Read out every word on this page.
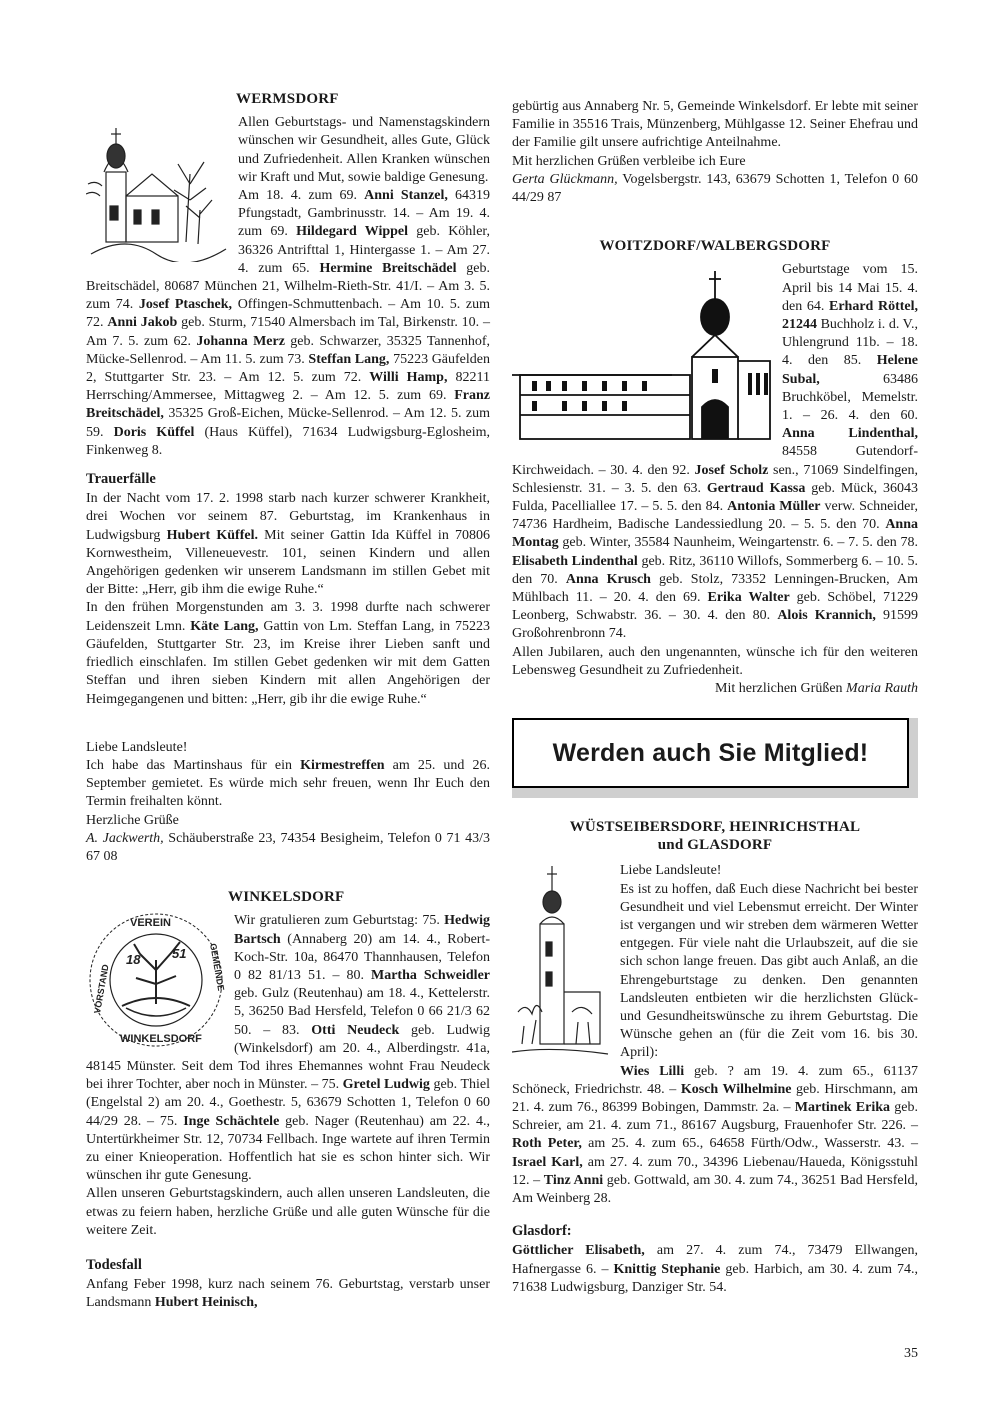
WERMSDORF

Allen Geburtstags- und Namenstagskindern wünschen wir Gesundheit, alles Gute, Glück und Zufriedenheit. Allen Kranken wünschen wir Kraft und Mut, sowie baldige Genesung.

Am 18. 4. zum 69. Anni Stanzel, 64319 Pfungstadt, Gambrinusstr. 14. – Am 19. 4. zum 69. Hildegard Wippel geb. Köhler, 36326 Antrifttal 1, Hintergasse 1. – Am 27. 4. zum 65. Hermine Breitschädel geb. Breitschädel, 80687 München 21, Wilhelm-Rieth-Str. 41/I. – Am 3. 5. zum 74. Josef Ptaschek, Offingen-Schmuttenbach. – Am 10. 5. zum 72. Anni Jakob geb. Sturm, 71540 Almersbach im Tal, Birkenstr. 10. – Am 7. 5. zum 62. Johanna Merz geb. Schwarzer, 35325 Tannenhof, Mücke-Sellenrod. – Am 11. 5. zum 73. Steffan Lang, 75223 Gäufelden 2, Stuttgarter Str. 23. – Am 12. 5. zum 72. Willi Hamp, 82211 Herrsching/Ammersee, Mittagweg 2. – Am 12. 5. zum 69. Franz Breitschädel, 35325 Groß-Eichen, Mücke-Sellenrod. – Am 12. 5. zum 59. Doris Küffel (Haus Küffel), 71634 Ludwigsburg-Eglosheim, Finkenweg 8.

Trauerfälle

In der Nacht vom 17. 2. 1998 starb nach kurzer schwerer Krankheit, drei Wochen vor seinem 87. Geburtstag, im Krankenhaus in Ludwigsburg Hubert Küffel. Mit seiner Gattin Ida Küffel in 70806 Kornwestheim, Villeneuevestr. 101, seinen Kindern und allen Angehörigen gedenken wir unserem Landsmann im stillen Gebet mit der Bitte: „Herr, gib ihm die ewige Ruhe.“

In den frühen Morgenstunden am 3. 3. 1998 durfte nach schwerer Leidenszeit Lmn. Käte Lang, Gattin von Lm. Steffan Lang, in 75223 Gäufelden, Stuttgarter Str. 23, im Kreise ihrer Lieben sanft und friedlich einschlafen. Im stillen Gebet gedenken wir mit dem Gatten Steffan und ihren sieben Kindern mit allen Angehörigen der Heimgegangenen und bitten: „Herr, gib ihr die ewige Ruhe.“

Liebe Landsleute!

Ich habe das Martinshaus für ein Kirmestreffen am 25. und 26. September gemietet. Es würde mich sehr freuen, wenn Ihr Euch den Termin freihalten könnt.

Herzliche Grüße

A. Jackwerth, Schäuberstraße 23, 74354 Besigheim, Telefon 0 71 43/3 67 08

WINKELSDORF
VEREIN
18 51
WINKELSDORF
VORSTAND	GEMEINDE

Wir gratulieren zum Geburtstag: 75. Hedwig Bartsch (Annaberg 20) am 14. 4., Robert-Koch-Str. 10a, 86470 Thannhausen, Telefon 0 82 81/13 51. – 80. Martha Schweidler geb. Gulz (Reutenhau) am 18. 4., Kettelerstr. 5, 36250 Bad Hersfeld, Telefon 0 66 21/3 62 50. – 83. Otti Neudeck geb. Ludwig (Winkelsdorf) am 20. 4., Alberdingstr. 41a, 48145 Münster. Seit dem Tod ihres Ehemannes wohnt Frau Neudeck bei ihrer Tochter, aber noch in Münster. – 75. Gretel Ludwig geb. Thiel (Engelstal 2) am 20. 4., Goethestr. 5, 63679 Schotten 1, Telefon 0 60 44/29 28. – 75. Inge Schächtele geb. Nager (Reutenhau) am 22. 4., Untertürkheimer Str. 12, 70734 Fellbach. Inge wartete auf ihren Termin zu einer Knieoperation. Hoffentlich hat sie es schon hinter sich. Wir wünschen ihr gute Genesung.

Allen unseren Geburtstagskindern, auch allen unseren Landsleuten, die etwas zu feiern haben, herzliche Grüße und alle guten Wünsche für die weitere Zeit.

Todesfall

Anfang Feber 1998, kurz nach seinem 76. Geburtstag, verstarb unser Landsmann Hubert Heinisch,

gebürtig aus Annaberg Nr. 5, Gemeinde Winkelsdorf. Er lebte mit seiner Familie in 35516 Trais, Münzenberg, Mühlgasse 12. Seiner Ehefrau und der Familie gilt unsere aufrichtige Anteilnahme.

Mit herzlichen Grüßen verbleibe ich Eure

Gerta Glückmann, Vogelsbergstr. 143, 63679 Schotten 1, Telefon 0 60 44/29 87

WOITZDORF/WALBERGSDORF

Geburtstage vom 15. April bis 14 Mai 15. 4. den 64. Erhard Röttel, 21244 Buchholz i. d. V., Uhlengrund 11b. – 18. 4. den 85. Helene Subal, 63486 Bruchköbel, Memelstr. 1. – 26. 4. den 60. Anna Lindenthal, 84558 Gutendorf-Kirchweidach. – 30. 4. den 92. Josef Scholz sen., 71069 Sindelfingen, Schlesienstr. 31. – 3. 5. den 63. Gertraud Kassa geb. Mück, 36043 Fulda, Pacelliallee 17. – 5. 5. den 84. Antonia Müller verw. Schneider, 74736 Hardheim, Badische Landessiedlung 20. – 5. 5. den 70. Anna Montag geb. Winter, 35584 Naunheim, Weingartenstr. 6. – 7. 5. den 78. Elisabeth Lindenthal geb. Ritz, 36110 Willofs, Sommerberg 6. – 10. 5. den 70. Anna Krusch geb. Stolz, 73352 Lenningen-Brucken, Am Mühlbach 11. – 20. 4. den 69. Erika Walter geb. Schöbel, 71229 Leonberg, Schwabstr. 36. – 30. 4. den 80. Alois Krannich, 91599 Großohrenbronn 74.

Allen Jubilaren, auch den ungenannten, wünsche ich für den weiteren Lebensweg Gesundheit zu Zufriedenheit.

Mit herzlichen Grüßen Maria Rauth

Werden auch Sie Mitglied!
WÜSTSEIBERSDORF, HEINRICHSTHAL
und GLASDORF

Liebe Landsleute!

Es ist zu hoffen, daß Euch diese Nachricht bei bester Gesundheit und viel Lebensmut erreicht. Der Winter ist vergangen und wir streben dem wärmeren Wetter entgegen. Für viele naht die Urlaubszeit, auf die sie sich schon lange freuen. Das gibt auch Anlaß, an die Ehrengeburtstage zu denken. Den genannten Landsleuten entbieten wir die herzlichsten Glück- und Gesundheitswünsche zu ihrem Geburtstag. Die Wünsche gehen an (für die Zeit vom 16. bis 30. April):

Wies Lilli geb. ? am 19. 4. zum 65., 61137 Schöneck, Friedrichstr. 48. – Kosch Wilhelmine geb. Hirschmann, am 21. 4. zum 76., 86399 Bobingen, Dammstr. 2a. – Martinek Erika geb. Schreier, am 21. 4. zum 71., 86167 Augsburg, Frauenhofer Str. 226. – Roth Peter, am 25. 4. zum 65., 64658 Fürth/Odw., Wasserstr. 43. – Israel Karl, am 27. 4. zum 70., 34396 Liebenau/Haueda, Königsstuhl 12. – Tinz Anni geb. Gottwald, am 30. 4. zum 74., 36251 Bad Hersfeld, Am Weinberg 28.

Glasdorf:

Göttlicher Elisabeth, am 27. 4. zum 74., 73479 Ellwangen, Hafnergasse 6. – Knittig Stephanie geb. Harbich, am 30. 4. zum 74., 71638 Ludwigsburg, Danziger Str. 54.

35
